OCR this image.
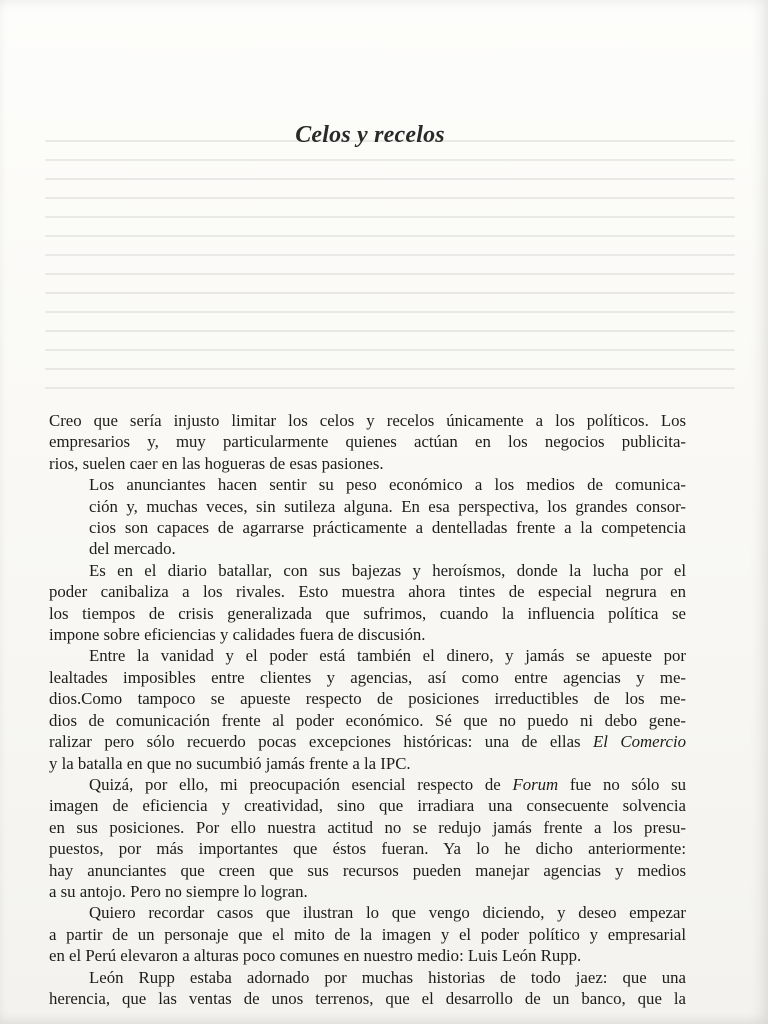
Celos y recelos

Creo que sería injusto limitar los celos y recelos únicamente a los políticos. Los
empresarios y, muy particularmente quienes actúan en los negocios publicita-
rios, suelen caer en las hogueras de esas pasiones.

Los anunciantes hacen sentir su peso económico a los medios de comunica-
ción y, muchas veces, sin sutileza alguna. En esa perspectiva, los grandes consor-
cios son capaces de agarrarse prácticamente a dentelladas frente a la competencia
del mercado.

Es en el diario batallar, con sus bajezas y heroísmos, donde la lucha por el
poder canibaliza a los rivales. Esto muestra ahora tintes de especial negrura en
los tiempos de crisis generalizada que sufrimos, cuando la influencia política se
impone sobre eficiencias y calidades fuera de discusión.

Entre la vanidad y el poder está también el dinero, y jamás se apueste por
lealtades imposibles entre clientes y agencias, así como entre agencias y me-
dios.Como tampoco se apueste respecto de posiciones irreductibles de los me-
dios de comunicación frente al poder económico. Sé que no puedo ni debo gene-
ralizar pero sólo recuerdo pocas excepciones históricas: una de ellas El Comercio
y la batalla en que no sucumbió jamás frente a la IPC.

Quizá, por ello, mi preocupación esencial respecto de Forum fue no sólo su
imagen de eficiencia y creatividad, sino que irradiara una consecuente solvencia
en sus posiciones. Por ello nuestra actitud no se redujo jamás frente a los presu-
puestos, por más importantes que éstos fueran. Ya lo he dicho anteriormente:
hay anunciantes que creen que sus recursos pueden manejar agencias y medios
a su antojo. Pero no siempre lo logran.

Quiero recordar casos que ilustran lo que vengo diciendo, y deseo empezar
a partir de un personaje que el mito de la imagen y el poder político y empresarial
en el Perú elevaron a alturas poco comunes en nuestro medio: Luis León Rupp.

León Rupp estaba adornado por muchas historias de todo jaez: que una
herencia, que las ventas de unos terrenos, que el desarrollo de un banco, que la
